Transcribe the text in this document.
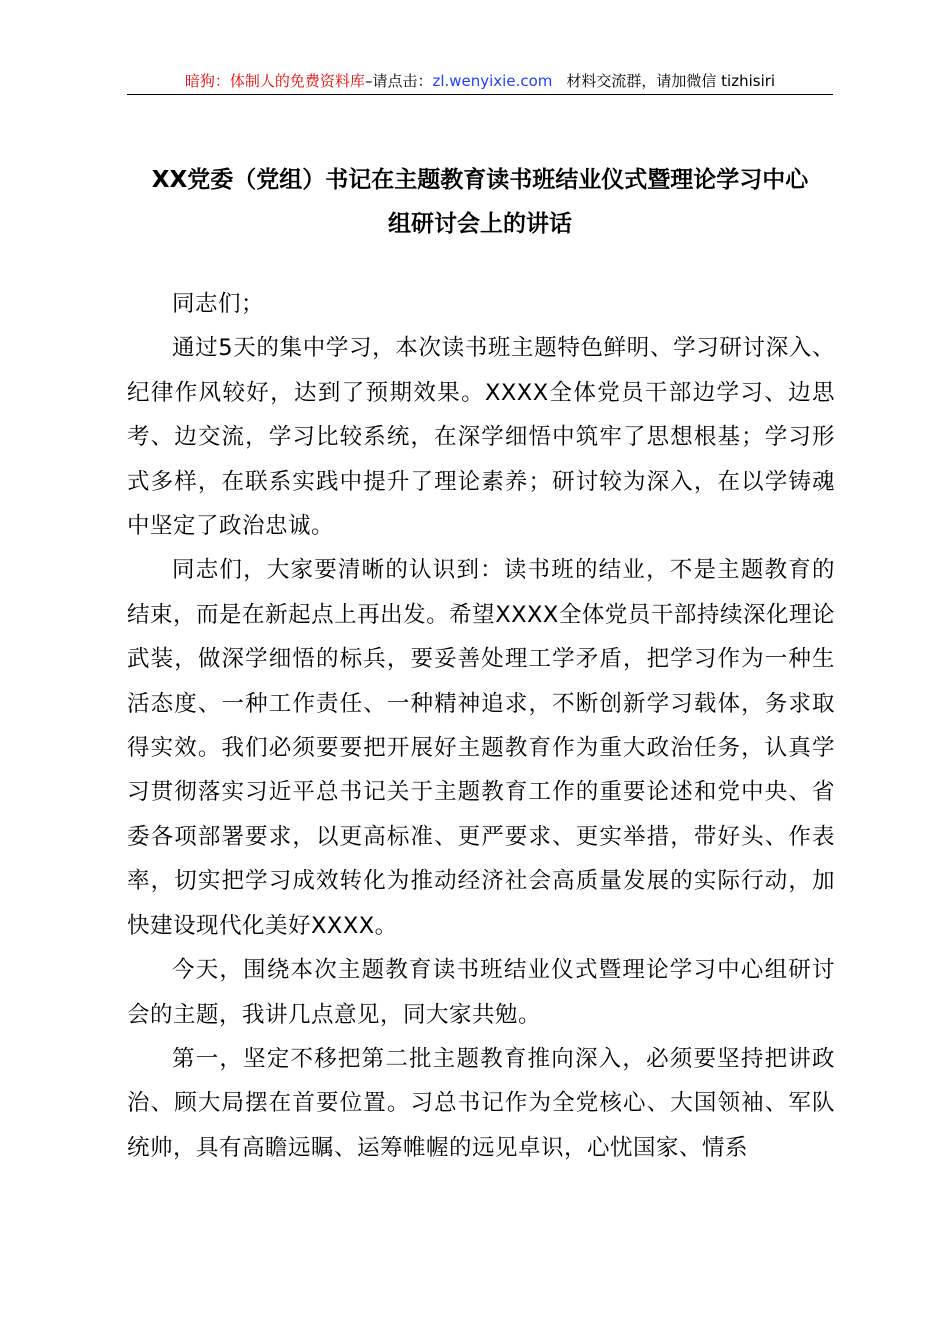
暗狗：体制人的免费资料库–请点击：zl.wenyixie.com 材料交流群，请加微信 tizhisiri
XX党委（党组）书记在主题教育读书班结业仪式暨理论学习中心
组研讨会上的讲话

同志们；

通过5天的集中学习，本次读书班主题特色鲜明、学习研讨深入、纪律作风较好，达到了预期效果。XXXX全体党员干部边学习、边思考、边交流，学习比较系统，在深学细悟中筑牢了思想根基；学习形式多样，在联系实践中提升了理论素养；研讨较为深入，在以学铸魂中坚定了政治忠诚。

同志们，大家要清晰的认识到：读书班的结业，不是主题教育的结束，而是在新起点上再出发。希望XXXX全体党员干部持续深化理论武装，做深学细悟的标兵，要妥善处理工学矛盾，把学习作为一种生活态度、一种工作责任、一种精神追求，不断创新学习载体，务求取得实效。我们必须要要把开展好主题教育作为重大政治任务，认真学习贯彻落实习近平总书记关于主题教育工作的重要论述和党中央、省委各项部署要求，以更高标准、更严要求、更实举措，带好头、作表率，切实把学习成效转化为推动经济社会高质量发展的实际行动，加快建设现代化美好XXXX。

今天，围绕本次主题教育读书班结业仪式暨理论学习中心组研讨会的主题，我讲几点意见，同大家共勉。

第一，坚定不移把第二批主题教育推向深入，必须要坚持把讲政治、顾大局摆在首要位置。习总书记作为全党核心、大国领袖、军队统帅，具有高瞻远瞩、运筹帷幄的远见卓识，心忧国家、情系
